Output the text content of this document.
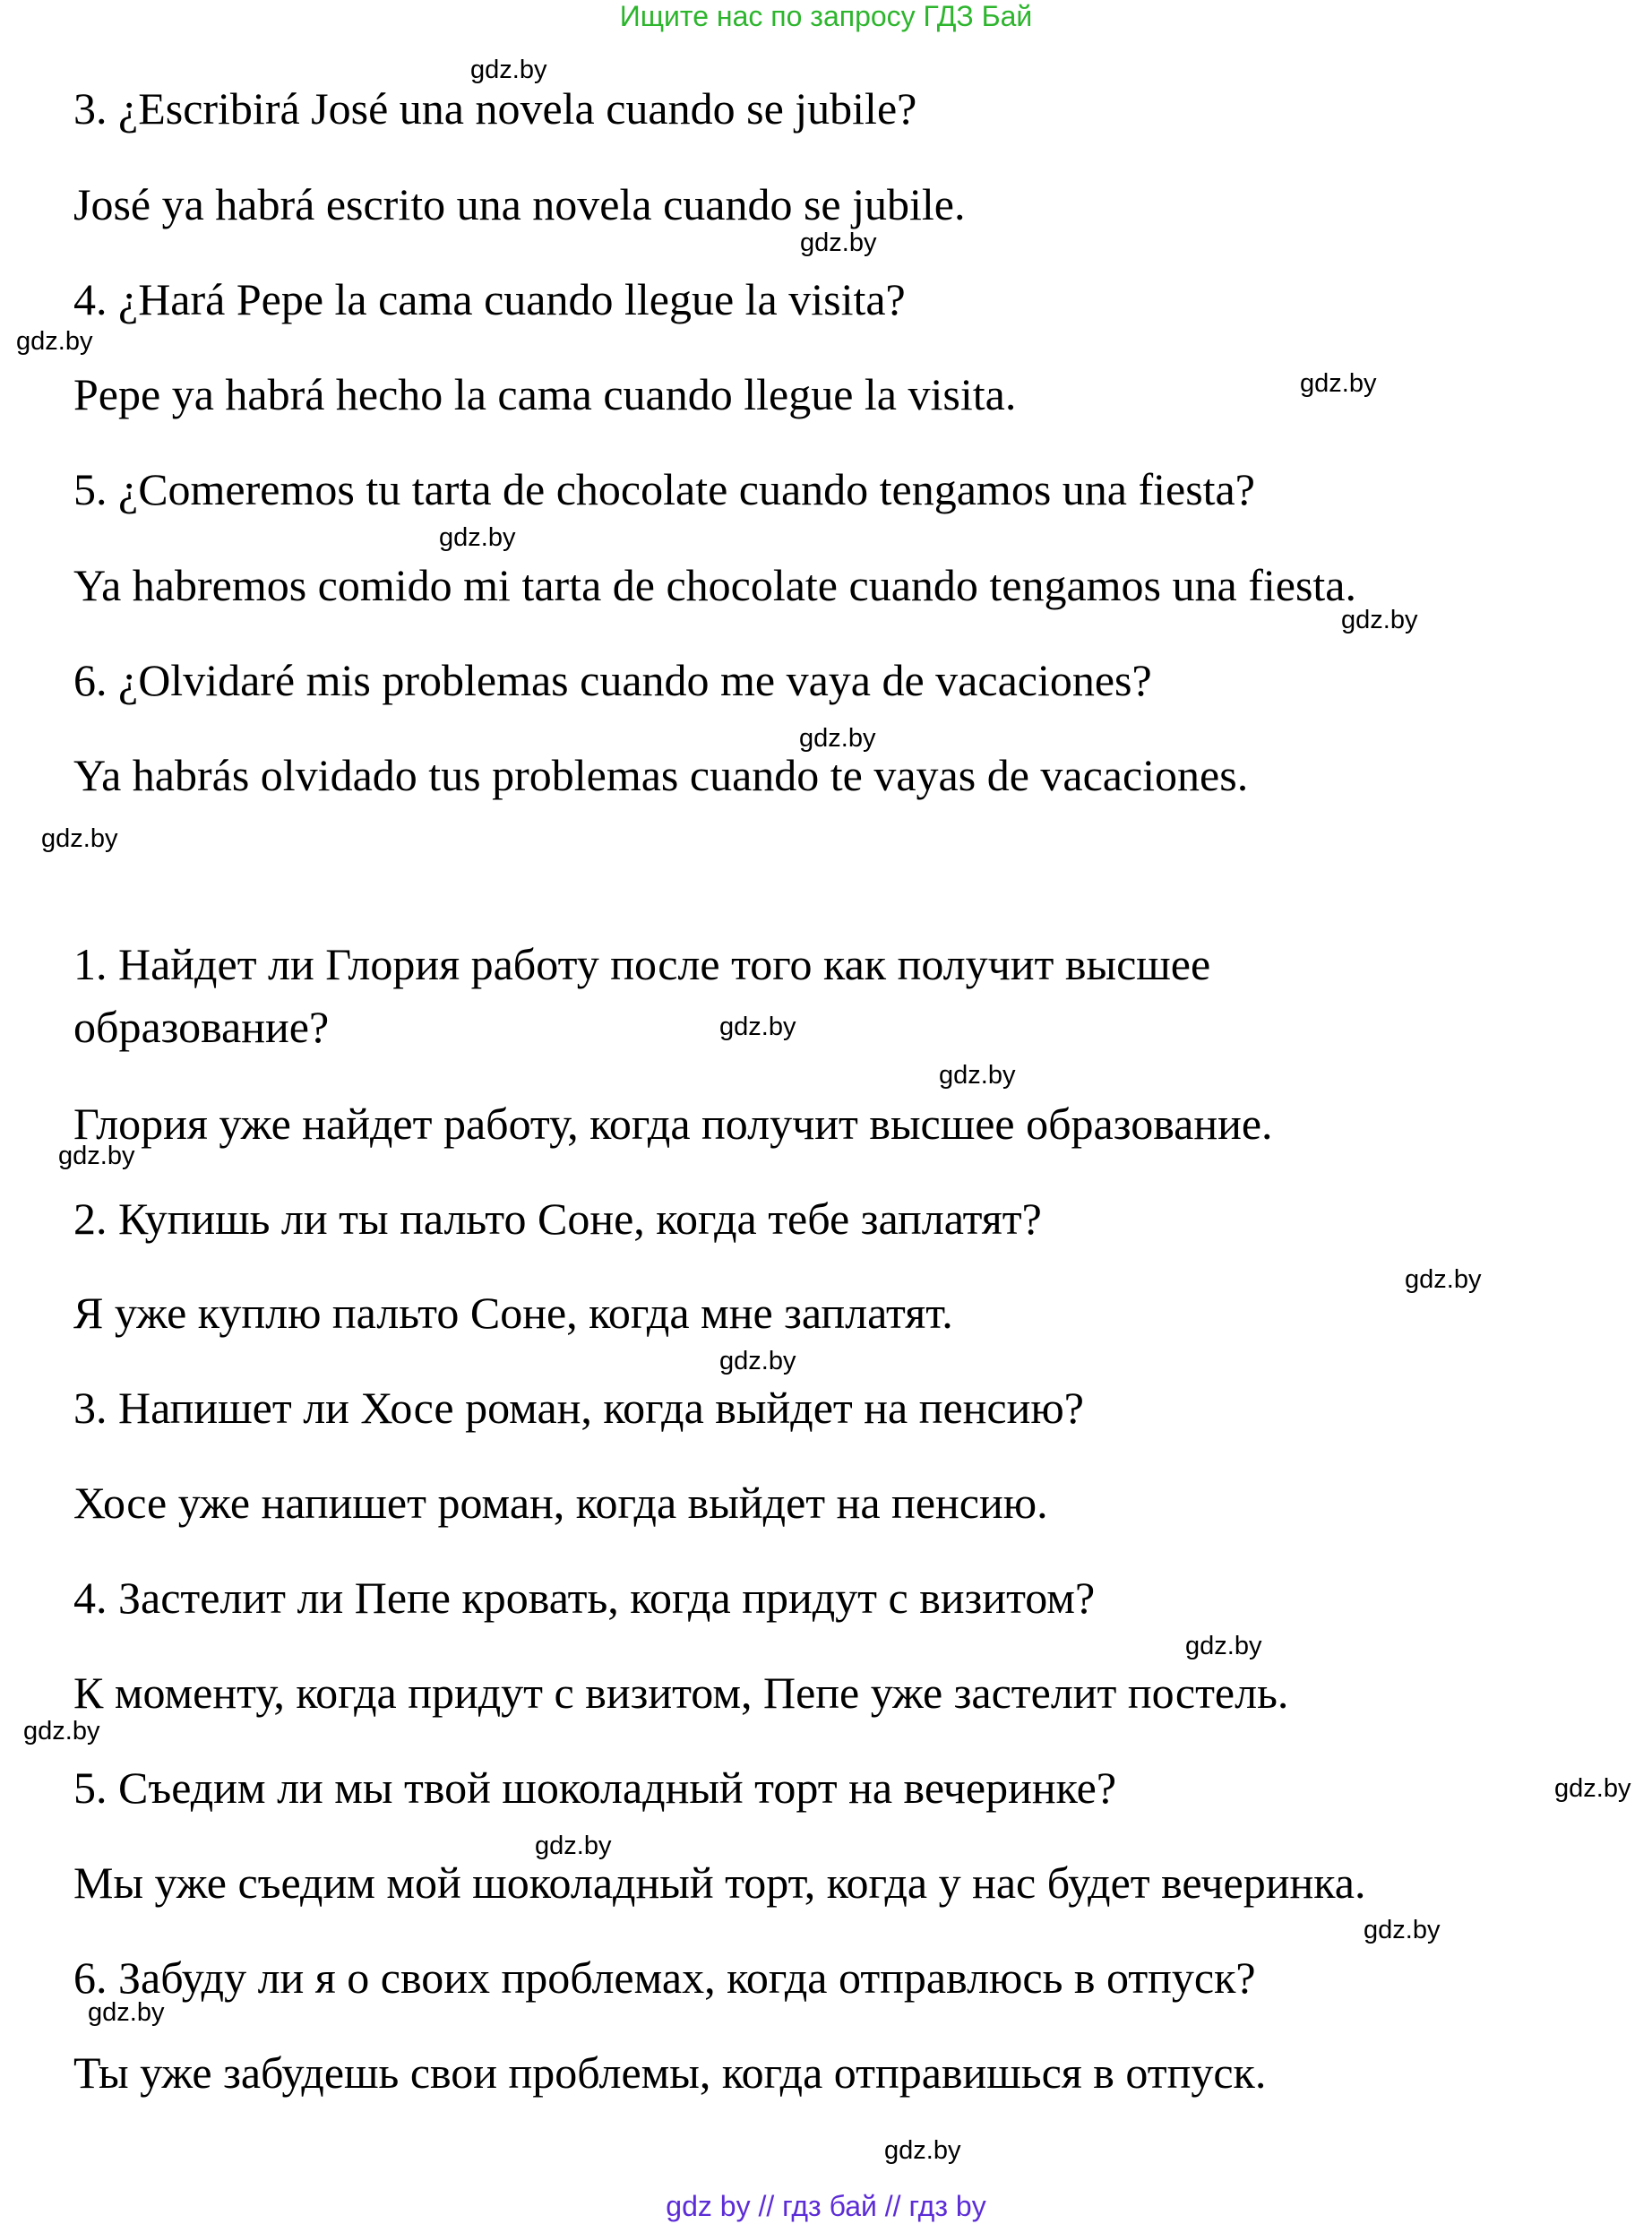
Ищите нас по запросу ГДЗ Бай
3. ¿Escribirá José una novela cuando se jubile?
José ya habrá escrito una novela cuando se jubile.
4. ¿Hará Pepe la cama cuando llegue la visita?
Pepe ya habrá hecho la cama cuando llegue la visita.
5. ¿Comeremos tu tarta de chocolate cuando tengamos una fiesta?
Ya habremos comido mi tarta de chocolate cuando tengamos una fiesta.
6. ¿Olvidaré mis problemas cuando me vaya de vacaciones?
Ya habrás olvidado tus problemas cuando te vayas de vacaciones.
1. Найдет ли Глория работу после того как получит высшее
образование?
Глория уже найдет работу, когда получит высшее образование.
2. Купишь ли ты пальто Соне, когда тебе заплатят?
Я уже куплю пальто Соне, когда мне заплатят.
3. Напишет ли Хосе роман, когда выйдет на пенсию?
Хосе уже напишет роман, когда выйдет на пенсию.
4. Застелит ли Пепе кровать, когда придут с визитом?
К моменту, когда придут с визитом, Пепе уже застелит постель.
5. Съедим ли мы твой шоколадный торт на вечеринке?
Мы уже съедим мой шоколадный торт, когда у нас будет вечеринка.
6. Забуду ли я о своих проблемах, когда отправлюсь в отпуск?
Ты уже забудешь свои проблемы, когда отправишься в отпуск.
gdz.by
gdz.by
gdz.by
gdz.by
gdz.by
gdz.by
gdz.by
gdz.by
gdz.by
gdz.by
gdz.by
gdz.by
gdz.by
gdz.by
gdz.by
gdz.by
gdz.by
gdz.by
gdz.by
gdz.by
gdz by // гдз бай // гдз by
